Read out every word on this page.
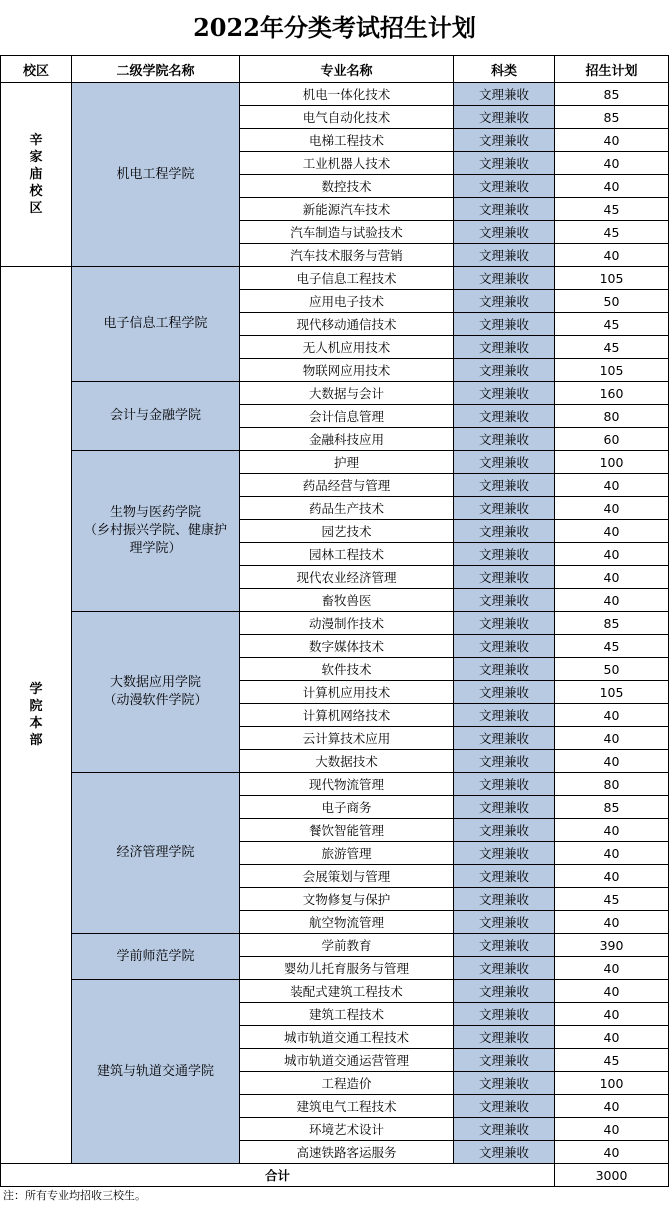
2022年分类考试招生计划
校区	二级学院名称	专业名称	科类	招生计划

辛
家
庙
校
区	机电工程学院	机电一体化技术	文理兼收	85
		电气自动化技术	文理兼收	85
		电梯工程技术	文理兼收	40
		工业机器人技术	文理兼收	40
		数控技术	文理兼收	40
		新能源汽车技术	文理兼收	45
		汽车制造与试验技术	文理兼收	45
		汽车技术服务与营销	文理兼收	40

学
院
本
部	电子信息工程学院	电子信息工程技术	文理兼收	105
		应用电子技术	文理兼收	50
		现代移动通信技术	文理兼收	45
		无人机应用技术	文理兼收	45
		物联网应用技术	文理兼收	105

	会计与金融学院	大数据与会计	文理兼收	160
		会计信息管理	文理兼收	80
		金融科技应用	文理兼收	60

	生物与医药学院
（乡村振兴学院、健康护
理学院）	护理	文理兼收	100
		药品经营与管理	文理兼收	40
		药品生产技术	文理兼收	40
		园艺技术	文理兼收	40
		园林工程技术	文理兼收	40
		现代农业经济管理	文理兼收	40
		畜牧兽医	文理兼收	40

	大数据应用学院
（动漫软件学院）	动漫制作技术	文理兼收	85
		数字媒体技术	文理兼收	45
		软件技术	文理兼收	50
		计算机应用技术	文理兼收	105
		计算机网络技术	文理兼收	40
		云计算技术应用	文理兼收	40
		大数据技术	文理兼收	40

	经济管理学院	现代物流管理	文理兼收	80
		电子商务	文理兼收	85
		餐饮智能管理	文理兼收	40
		旅游管理	文理兼收	40
		会展策划与管理	文理兼收	40
		文物修复与保护	文理兼收	45
		航空物流管理	文理兼收	40

	学前师范学院	学前教育	文理兼收	390
		婴幼儿托育服务与管理	文理兼收	40

	建筑与轨道交通学院	装配式建筑工程技术	文理兼收	40
		建筑工程技术	文理兼收	40
		城市轨道交通工程技术	文理兼收	40
		城市轨道交通运营管理	文理兼收	45
		工程造价	文理兼收	100
		建筑电气工程技术	文理兼收	40
		环境艺术设计	文理兼收	40
		高速铁路客运服务	文理兼收	40
合计				3000
注：所有专业均招收三校生。
